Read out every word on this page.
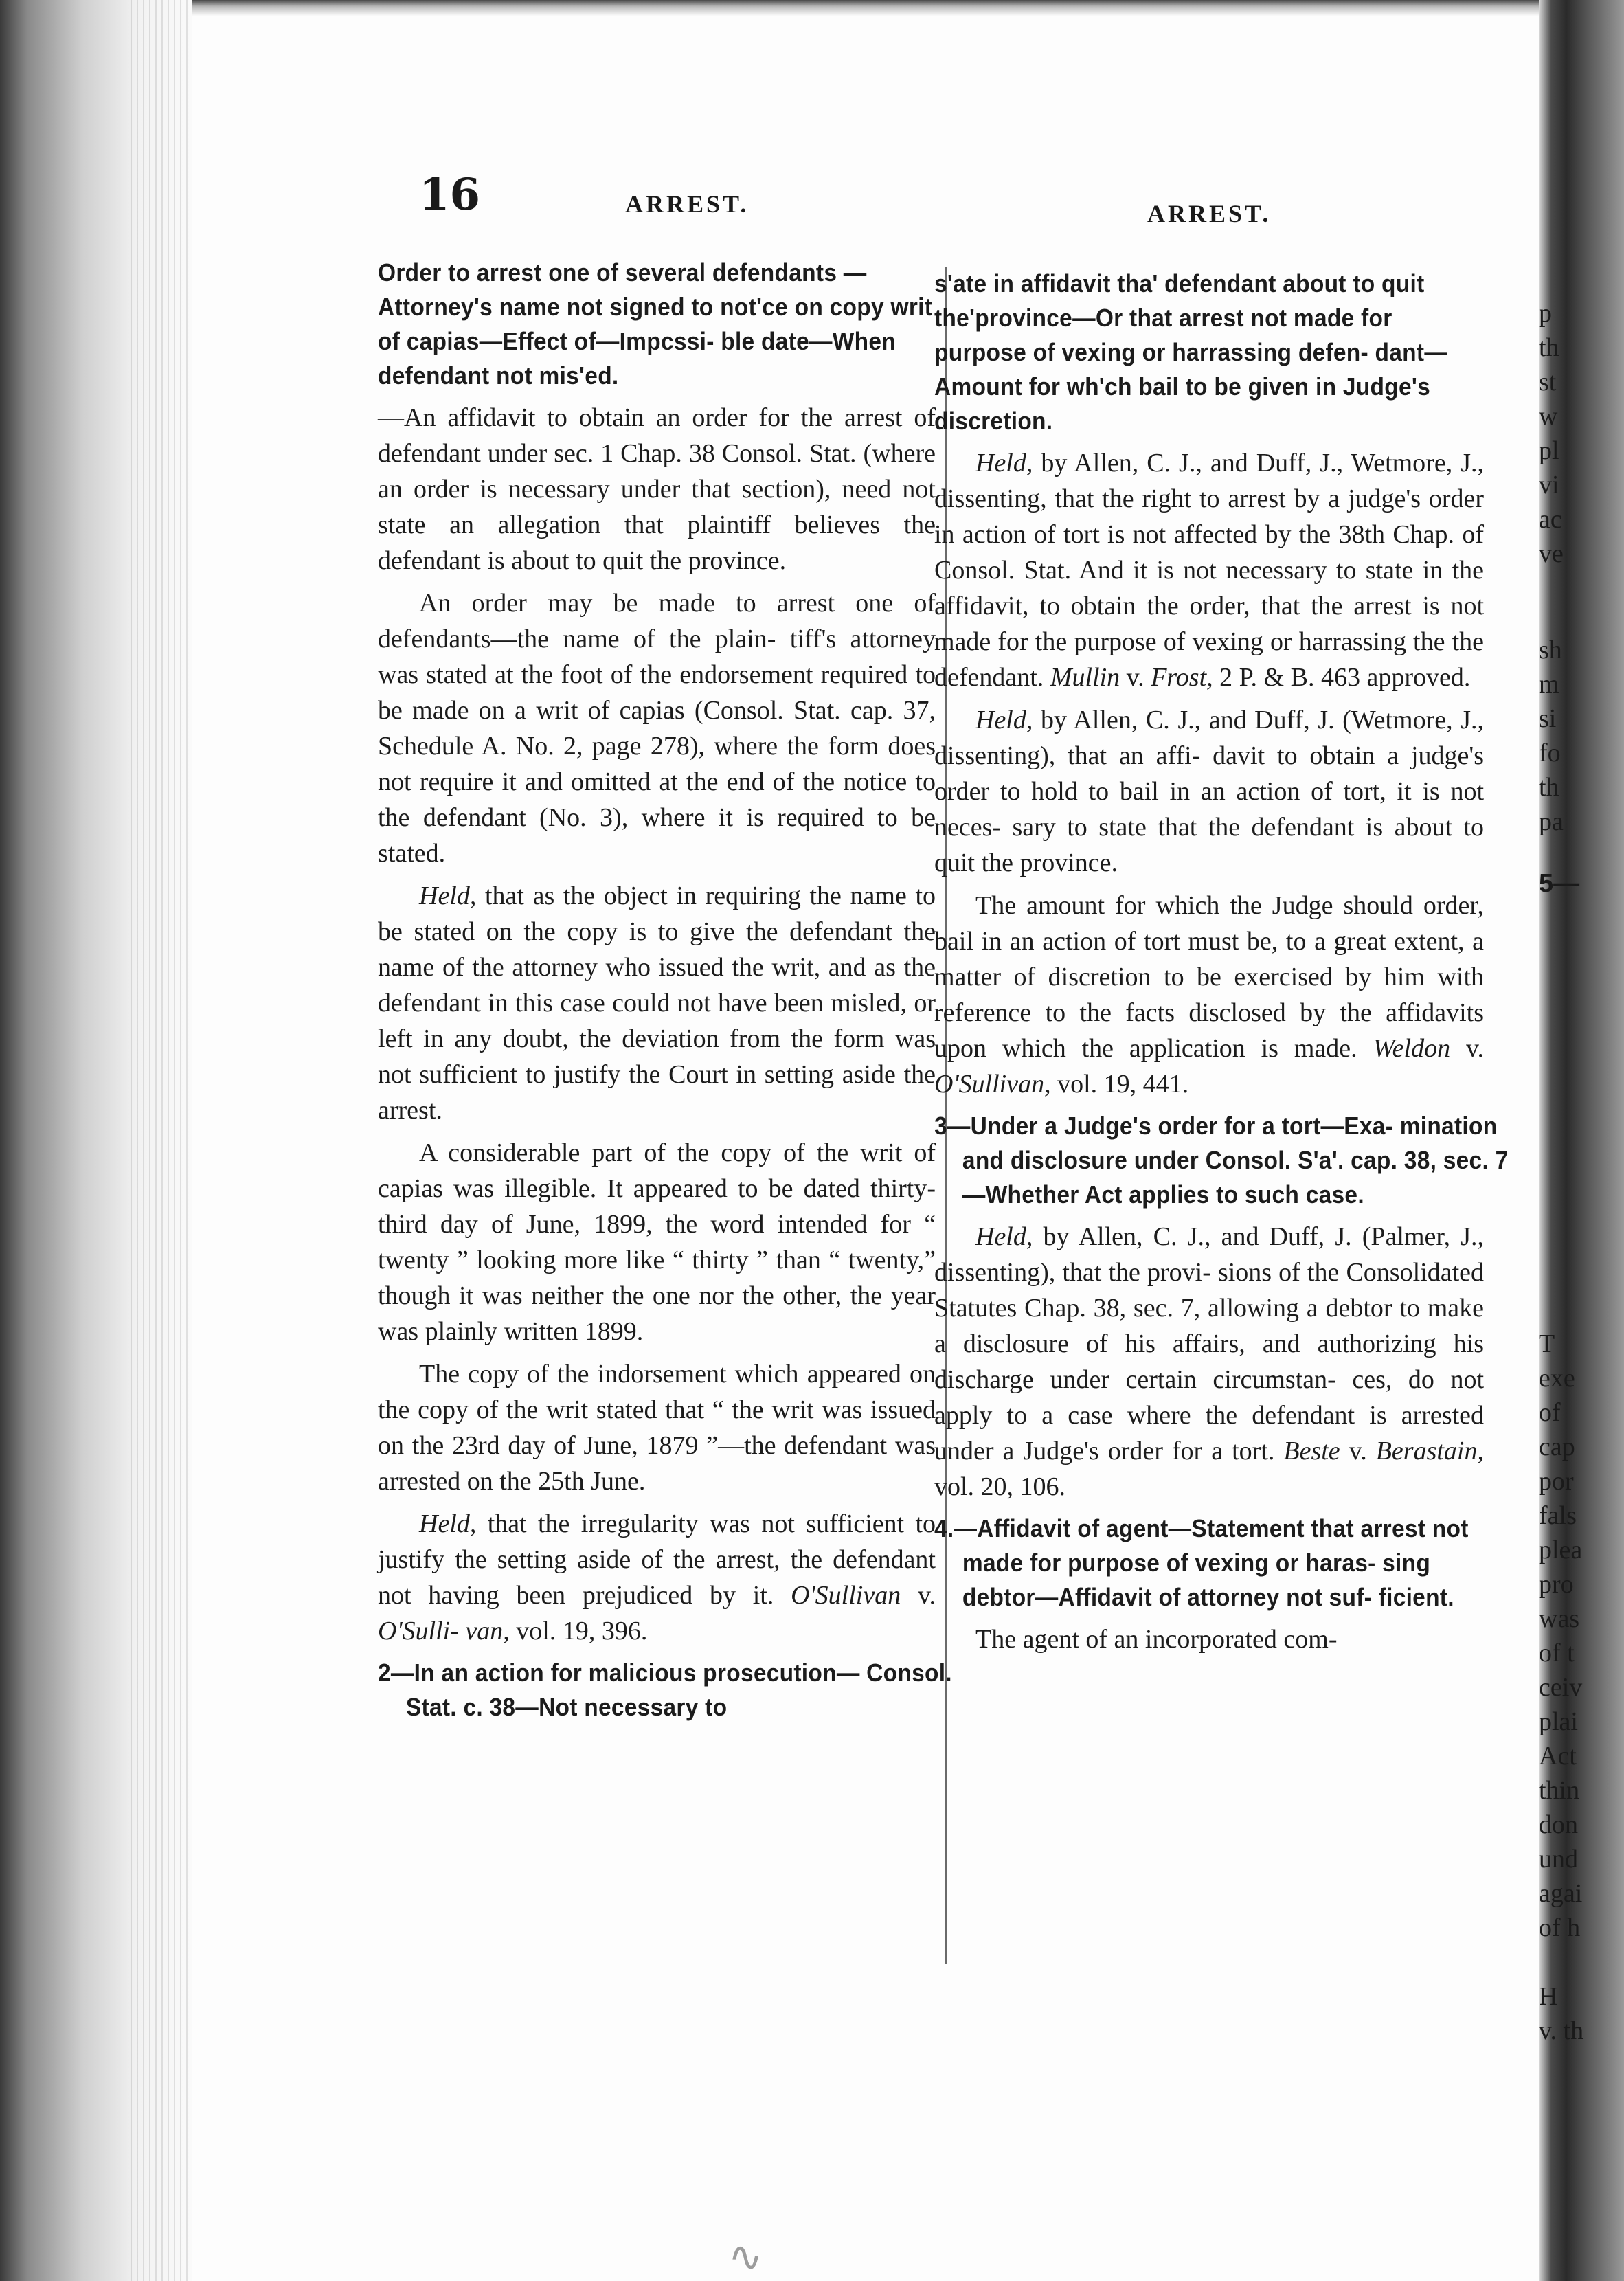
16	ARREST.	ARREST.
Order to arrest one of several defendants —Attorney's name not signed to not'ce on copy writ of capias—Effect of—Impcssi- ble date—When defendant not mis'ed.

—An affidavit to obtain an order for the arrest of defendant under sec. 1 Chap. 38 Consol. Stat. (where an order is necessary under that section), need not state an allegation that plaintiff believes the defendant is about to quit the province.

An order may be made to arrest one of defendants—the name of the plain- tiff's attorney was stated at the foot of the endorsement required to be made on a writ of capias (Consol. Stat. cap. 37, Schedule A. No. 2, page 278), where the form does not require it and omitted at the end of the notice to the defendant (No. 3), where it is required to be stated.

Held, that as the object in requiring the name to be stated on the copy is to give the defendant the name of the attorney who issued the writ, and as the defendant in this case could not have been misled, or left in any doubt, the deviation from the form was not sufficient to justify the Court in setting aside the arrest.

A considerable part of the copy of the writ of capias was illegible. It appeared to be dated thirty-third day of June, 1899, the word intended for “ twenty ” looking more like “ thirty ” than “ twenty,” though it was neither the one nor the other, the year was plainly written 1899.

The copy of the indorsement which appeared on the copy of the writ stated that “ the writ was issued on the 23rd day of June, 1879 ”—the defendant was arrested on the 25th June.

Held, that the irregularity was not sufficient to justify the setting aside of the arrest, the defendant not having been prejudiced by it. O'Sullivan v. O'Sulli- van, vol. 19, 396.

2—In an action for malicious prosecution— Consol. Stat. c. 38—Not necessary to
s'ate in affidavit tha' defendant about to quit the'province—Or that arrest not made for purpose of vexing or harrassing defen- dant—Amount for wh'ch bail to be given in Judge's discretion.

Held, by Allen, C. J., and Duff, J., Wetmore, J., dissenting, that the right to arrest by a judge's order in action of tort is not affected by the 38th Chap. of Consol. Stat. And it is not necessary to state in the affidavit, to obtain the order, that the arrest is not made for the purpose of vexing or harrassing the the defendant. Mullin v. Frost, 2 P. & B. 463 approved.

Held, by Allen, C. J., and Duff, J. (Wetmore, J., dissenting), that an affi- davit to obtain a judge's order to hold to bail in an action of tort, it is not neces- sary to state that the defendant is about to quit the province.

The amount for which the Judge should order, bail in an action of tort must be, to a great extent, a matter of discretion to be exercised by him with reference to the facts disclosed by the affidavits upon which the application is made. Weldon v. O'Sullivan, vol. 19, 441.

3—Under a Judge's order for a tort—Exa- mination and disclosure under Consol. S'a'. cap. 38, sec. 7—Whether Act applies to such case.

Held, by Allen, C. J., and Duff, J. (Palmer, J., dissenting), that the provi- sions of the Consolidated Statutes Chap. 38, sec. 7, allowing a debtor to make a disclosure of his affairs, and authorizing his discharge under certain circumstan- ces, do not apply to a case where the defendant is arrested under a Judge's order for a tort. Beste v. Berastain, vol. 20, 106.

4.—Affidavit of agent—Statement that arrest not made for purpose of vexing or haras- sing debtor—Affidavit of attorney not suf- ficient.

The agent of an incorporated com-

p
th
st
w
pl
vi
ac
ve
sh
m
si
fo
th
pa
5—
T
exe
of
cap
por
fals
plea
pro
was
of t
ceiv
plai
Act
thin
don
und
agai
of h
H
v. th
∿
